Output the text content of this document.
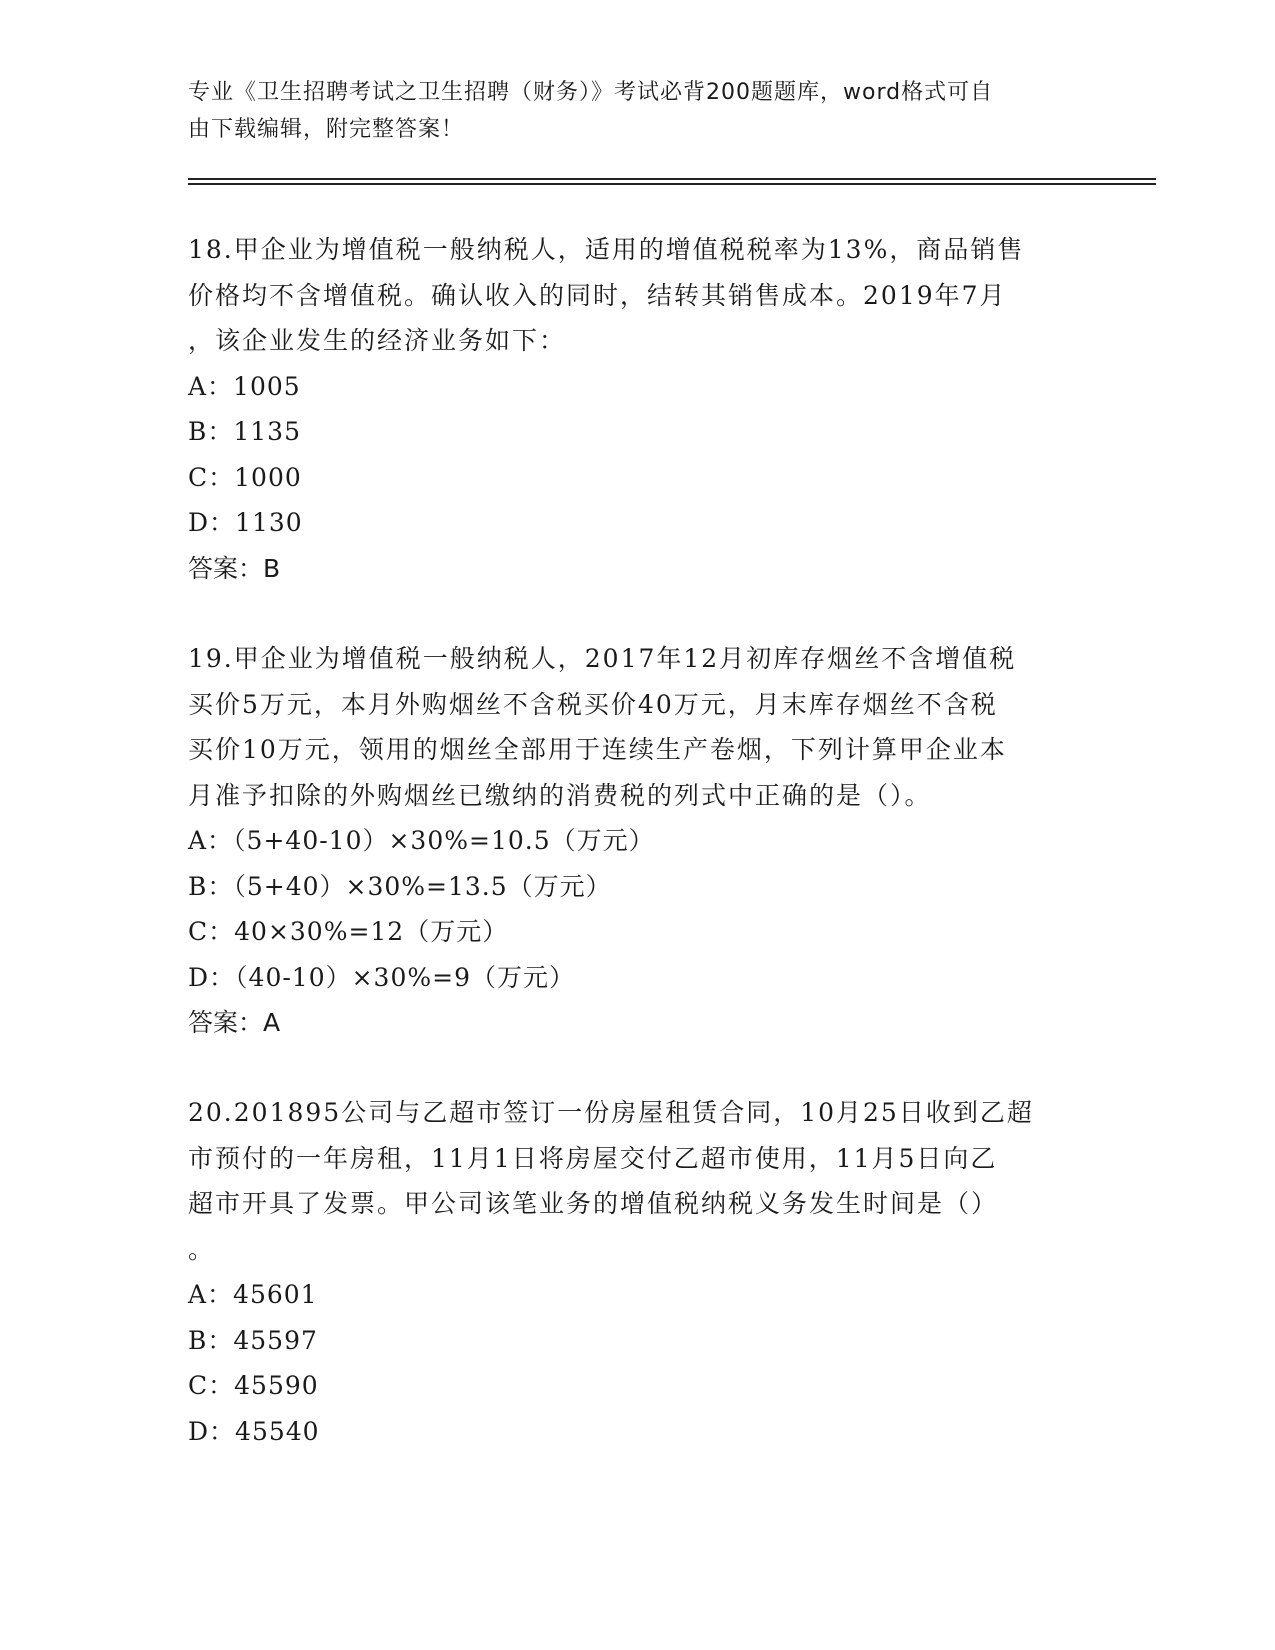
专业《卫生招聘考试之卫生招聘（财务）》考试必背200题题库，word格式可自
由下载编辑，附完整答案！
18.甲企业为增值税一般纳税人，适用的增值税税率为13%，商品销售
价格均不含增值税。确认收入的同时，结转其销售成本。2019年7月
，该企业发生的经济业务如下：
A：1005
B：1135
C：1000
D：1130
答案：B
19.甲企业为增值税一般纳税人，2017年12月初库存烟丝不含增值税
买价5万元，本月外购烟丝不含税买价40万元，月末库存烟丝不含税
买价10万元，领用的烟丝全部用于连续生产卷烟，下列计算甲企业本
月准予扣除的外购烟丝已缴纳的消费税的列式中正确的是（）。
A：（5+40-10）×30%=10.5（万元）
B：（5+40）×30%=13.5（万元）
C：40×30%=12（万元）
D：（40-10）×30%=9（万元）
答案：A
20.201895公司与乙超市签订一份房屋租赁合同，10月25日收到乙超
市预付的一年房租，11月1日将房屋交付乙超市使用，11月5日向乙
超市开具了发票。甲公司该笔业务的增值税纳税义务发生时间是（）
。
A：45601
B：45597
C：45590
D：45540
